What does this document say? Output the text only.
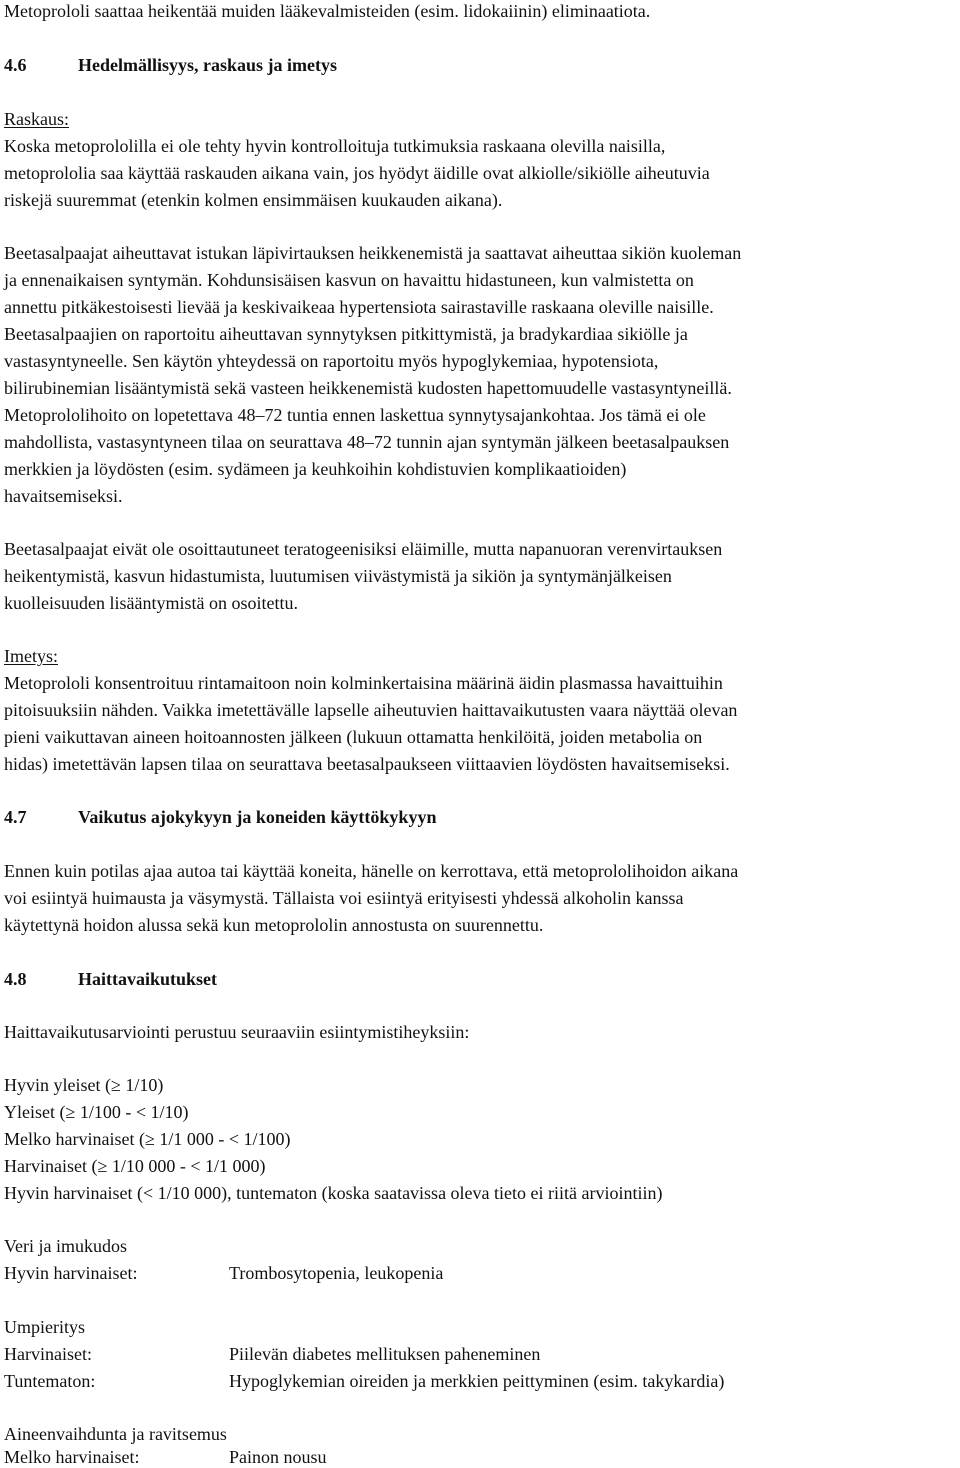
Metoprololi saattaa heikentää muiden lääkevalmisteiden (esim. lidokaiinin) eliminaatiota.
4.6	Hedelmällisyys, raskaus ja imetys
Raskaus:
Koska metoprololilla ei ole tehty hyvin kontrolloituja tutkimuksia raskaana olevilla naisilla,
metoprololia saa käyttää raskauden aikana vain, jos hyödyt äidille ovat alkiolle/sikiölle aiheutuvia
riskejä suuremmat (etenkin kolmen ensimmäisen kuukauden aikana).
Beetasalpaajat aiheuttavat istukan läpivirtauksen heikkenemistä ja saattavat aiheuttaa sikiön kuoleman
ja ennenaikaisen syntymän. Kohdunsisäisen kasvun on havaittu hidastuneen, kun valmistetta on
annettu pitkäkestoisesti lievää ja keskivaikeaa hypertensiota sairastaville raskaana oleville naisille.
Beetasalpaajien on raportoitu aiheuttavan synnytyksen pitkittymistä, ja bradykardiaa sikiölle ja
vastasyntyneelle. Sen käytön yhteydessä on raportoitu myös hypoglykemiaa, hypotensiota,
bilirubinemian lisääntymistä sekä vasteen heikkenemistä kudosten hapettomuudelle vastasyntyneillä.
Metoprololihoito on lopetettava 48–72 tuntia ennen laskettua synnytysajankohtaa. Jos tämä ei ole
mahdollista, vastasyntyneen tilaa on seurattava 48–72 tunnin ajan syntymän jälkeen beetasalpauksen
merkkien ja löydösten (esim. sydämeen ja keuhkoihin kohdistuvien komplikaatioiden)
havaitsemiseksi.
Beetasalpaajat eivät ole osoittautuneet teratogeenisiksi eläimille, mutta napanuoran verenvirtauksen
heikentymistä, kasvun hidastumista, luutumisen viivästymistä ja sikiön ja syntymänjälkeisen
kuolleisuuden lisääntymistä on osoitettu.
Imetys:
Metoprololi konsentroituu rintamaitoon noin kolminkertaisina määrinä äidin plasmassa havaittuihin
pitoisuuksiin nähden. Vaikka imetettävälle lapselle aiheutuvien haittavaikutusten vaara näyttää olevan
pieni vaikuttavan aineen hoitoannosten jälkeen (lukuun ottamatta henkilöitä, joiden metabolia on
hidas) imetettävän lapsen tilaa on seurattava beetasalpaukseen viittaavien löydösten havaitsemiseksi.
4.7	Vaikutus ajokykyyn ja koneiden käyttökykyyn
Ennen kuin potilas ajaa autoa tai käyttää koneita, hänelle on kerrottava, että metoprololihoidon aikana
voi esiintyä huimausta ja väsymystä. Tällaista voi esiintyä erityisesti yhdessä alkoholin kanssa
käytettynä hoidon alussa sekä kun metoprololin annostusta on suurennettu.
4.8	Haittavaikutukset
Haittavaikutusarviointi perustuu seuraaviin esiintymistiheyksiin:
Hyvin yleiset (≥ 1/10)
Yleiset (≥ 1/100 - < 1/10)
Melko harvinaiset (≥ 1/1 000 - < 1/100)
Harvinaiset (≥ 1/10 000 - < 1/1 000)
Hyvin harvinaiset (< 1/10 000), tuntematon (koska saatavissa oleva tieto ei riitä arviointiin)
Veri ja imukudos
Hyvin harvinaiset:	Trombosytopenia, leukopenia
Umpieritys
Harvinaiset:	Piilevän diabetes mellituksen paheneminen
Tuntematon:	Hypoglykemian oireiden ja merkkien peittyminen (esim. takykardia)
Aineenvaihdunta ja ravitsemus
Melko harvinaiset:	Painon nousu
